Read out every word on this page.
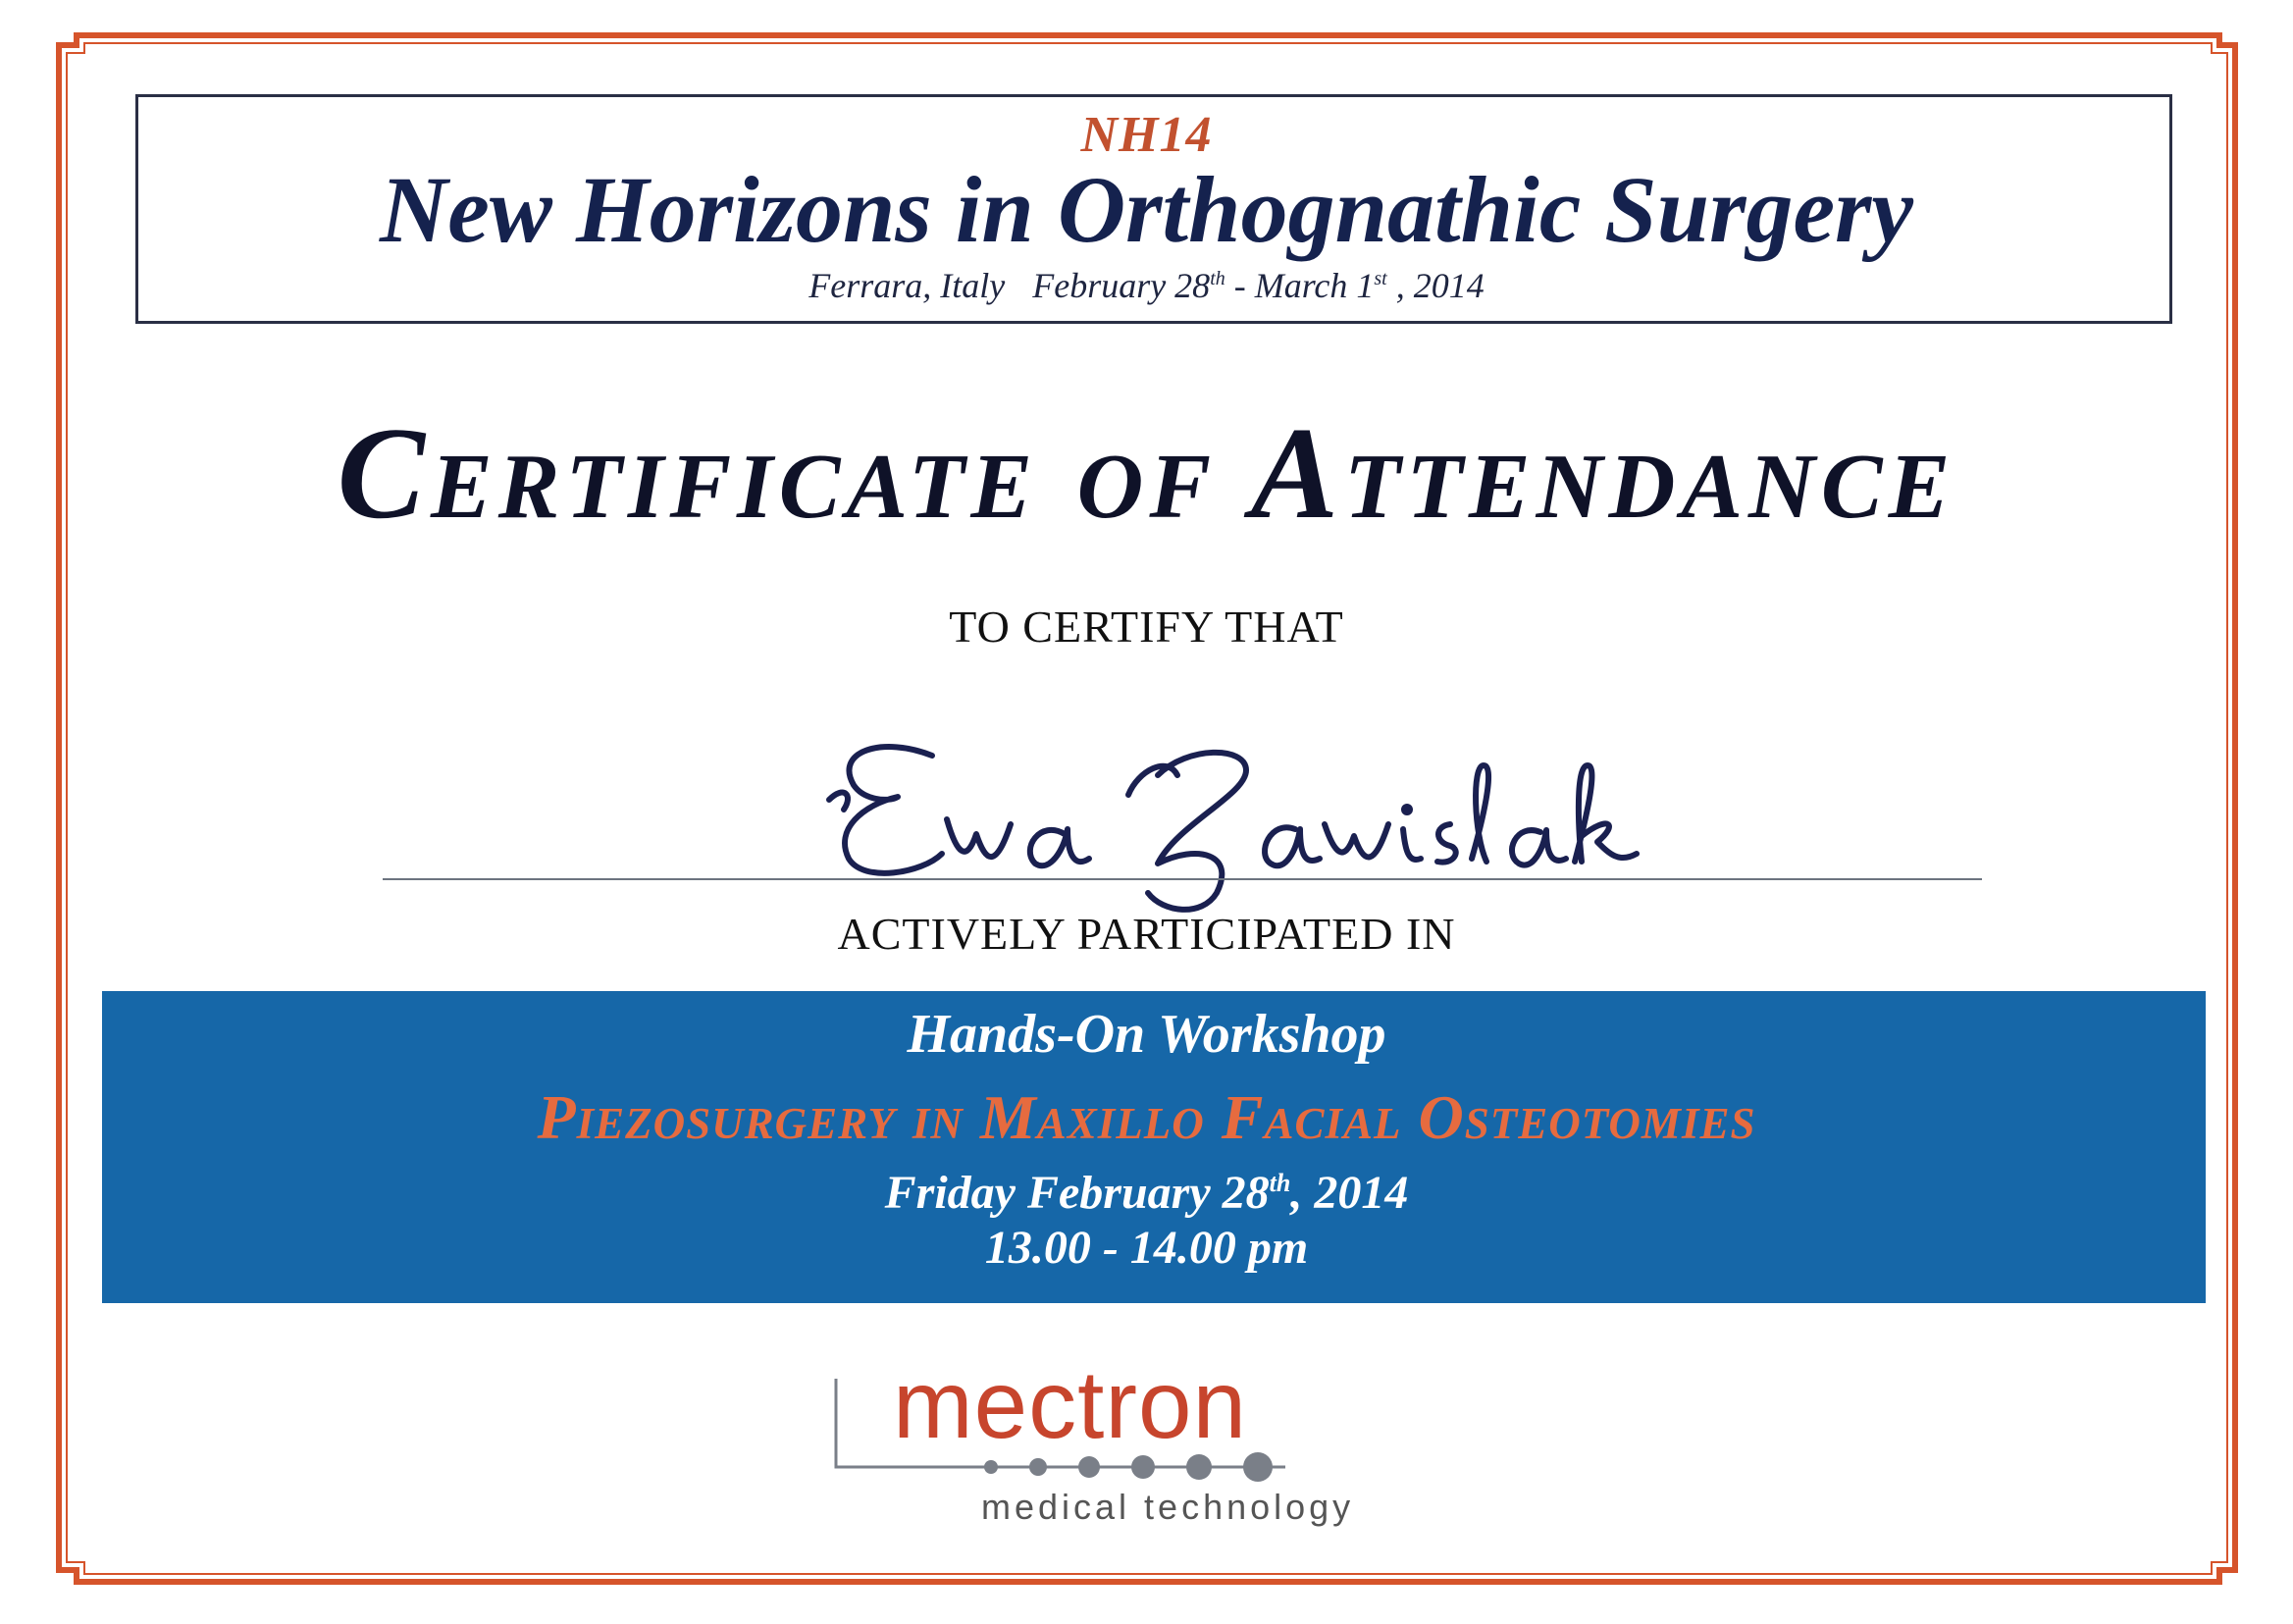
NH14
New Horizons in Orthognathic Surgery
Ferrara, Italy February 28th - March 1st , 2014
Certificate of Attendance
TO CERTIFY THAT
ACTIVELY PARTICIPATED IN
Hands-On Workshop
Piezosurgery in Maxillo Facial Osteotomies
Friday February 28th, 2014
13.00 - 14.00 pm
mectron
medical technology
